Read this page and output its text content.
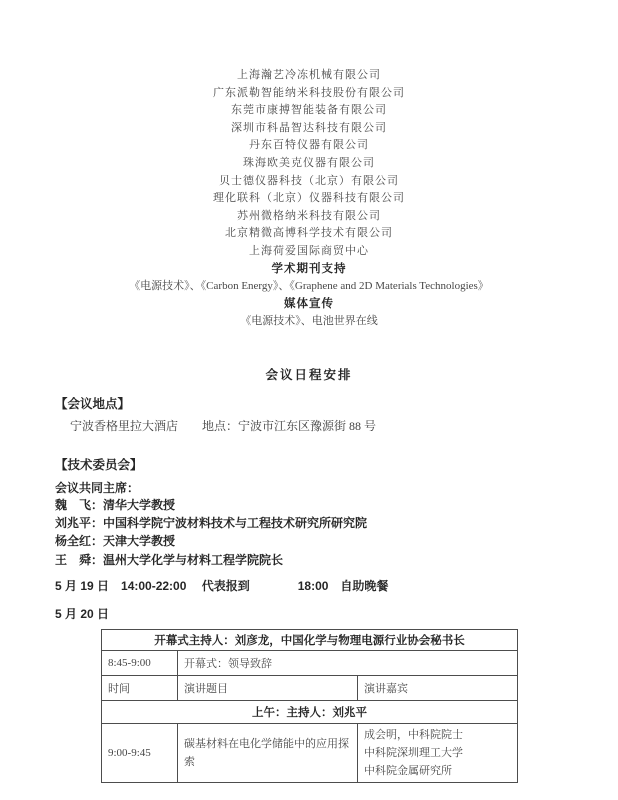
上海瀚艺冷冻机械有限公司
广东派勒智能纳米科技股份有限公司
东莞市康搏智能装备有限公司
深圳市科晶智达科技有限公司
丹东百特仪器有限公司
珠海欧美克仪器有限公司
贝士德仪器科技（北京）有限公司
理化联科（北京）仪器科技有限公司
苏州微格纳米科技有限公司
北京精微高博科学技术有限公司
上海荷爱国际商贸中心
学术期刊支持
《电源技术》、《Carbon Energy》、《Graphene and 2D Materials Technologies》
媒体宣传
《电源技术》、电池世界在线
会议日程安排
【会议地点】
宁波香格里拉大酒店　　地点：宁波市江东区豫源街 88 号
【技术委员会】
会议共同主席：
魏　飞：清华大学教授
刘兆平：中国科学院宁波材料技术与工程技术研究所研究院
杨全红：天津大学教授
王　舜：温州大学化学与材料工程学院院长
5 月 19 日　14:00-22:00　 代表报到　　　　18:00　自助晚餐
5 月 20 日
开幕式主持人：刘彦龙，中国化学与物理电源行业协会秘书长		
8:45-9:00	开幕式：领导致辞	
时间	演讲题目	演讲嘉宾
上午：主持人：刘兆平		
9:00-9:45	碳基材料在电化学储能中的应用探索	成会明，中科院院士
中科院深圳理工大学
中科院金属研究所
